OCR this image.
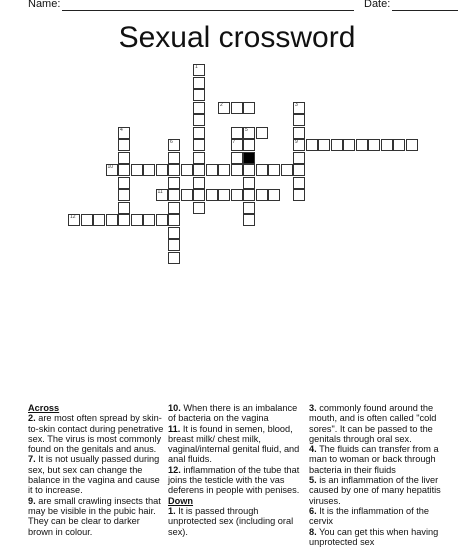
Name:	Date:
Sexual crossword
2
5
9
10
11
12
1
3
4
6	7
Across

2. are most often spread by skin-to-skin contact during penetrative sex. The virus is most commonly found on the genitals and anus.

7. It is not usually passed during sex, but sex can change the balance in the vagina and cause it to increase.

9. are small crawling insects that may be visible in the pubic hair. They can be clear to darker brown in colour.

10. When there is an imbalance of bacteria on the vagina

11. It is found in semen, blood, breast milk/ chest milk, vaginal/internal genital fluid, and anal fluids.

12. inflammation of the tube that joins the testicle with the vas deferens in people with penises.

Down

1. It is passed through unprotected sex (including oral sex).

3. commonly found around the mouth, and is often called "cold sores". It can be passed to the genitals through oral sex.

4. The fluids can transfer from a man to woman or back through bacteria in their fluids

5. is an inflammation of the liver caused by one of many hepatitis viruses.

6. It is the inflammation of the cervix

8. You can get this when having unprotected sex
